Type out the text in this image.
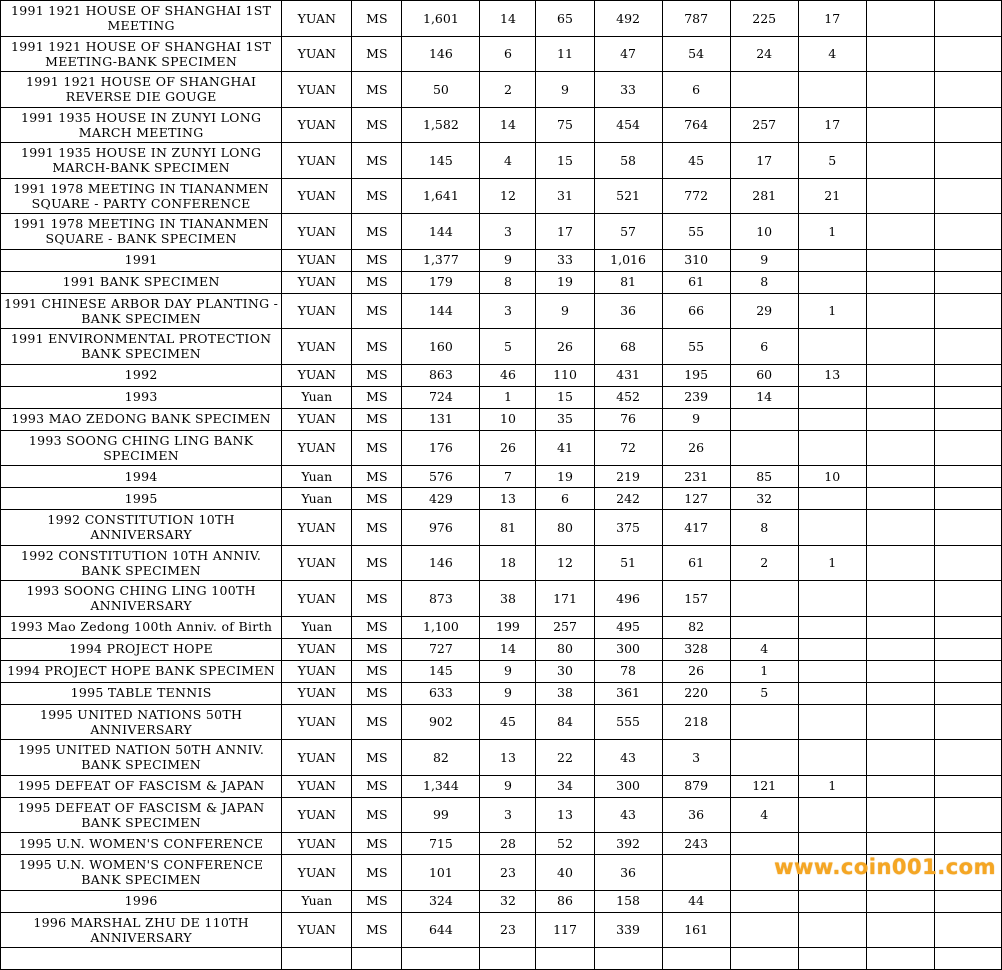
1991 1921 HOUSE OF SHANGHAI 1ST MEETING	YUAN	MS	1,601	14	65	492	787	225	17		
1991 1921 HOUSE OF SHANGHAI 1ST MEETING-BANK SPECIMEN	YUAN	MS	146	6	11	47	54	24	4		
1991 1921 HOUSE OF SHANGHAI REVERSE DIE GOUGE	YUAN	MS	50	2	9	33	6				
1991 1935 HOUSE IN ZUNYI LONG MARCH MEETING	YUAN	MS	1,582	14	75	454	764	257	17		
1991 1935 HOUSE IN ZUNYI LONG MARCH-BANK SPECIMEN	YUAN	MS	145	4	15	58	45	17	5		
1991 1978 MEETING IN TIANANMEN SQUARE - PARTY CONFERENCE	YUAN	MS	1,641	12	31	521	772	281	21		
1991 1978 MEETING IN TIANANMEN SQUARE - BANK SPECIMEN	YUAN	MS	144	3	17	57	55	10	1		
1991	YUAN	MS	1,377	9	33	1,016	310	9			
1991 BANK SPECIMEN	YUAN	MS	179	8	19	81	61	8			
1991 CHINESE ARBOR DAY PLANTING - BANK SPECIMEN	YUAN	MS	144	3	9	36	66	29	1		
1991 ENVIRONMENTAL PROTECTION BANK SPECIMEN	YUAN	MS	160	5	26	68	55	6			
1992	YUAN	MS	863	46	110	431	195	60	13		
1993	Yuan	MS	724	1	15	452	239	14			
1993 MAO ZEDONG BANK SPECIMEN	YUAN	MS	131	10	35	76	9				
1993 SOONG CHING LING BANK SPECIMEN	YUAN	MS	176	26	41	72	26				
1994	Yuan	MS	576	7	19	219	231	85	10		
1995	Yuan	MS	429	13	6	242	127	32			
1992 CONSTITUTION 10TH ANNIVERSARY	YUAN	MS	976	81	80	375	417	8			
1992 CONSTITUTION 10TH ANNIV. BANK SPECIMEN	YUAN	MS	146	18	12	51	61	2	1		
1993 SOONG CHING LING 100TH ANNIVERSARY	YUAN	MS	873	38	171	496	157				
1993 Mao Zedong 100th Anniv. of Birth	Yuan	MS	1,100	199	257	495	82				
1994 PROJECT HOPE	YUAN	MS	727	14	80	300	328	4			
1994 PROJECT HOPE BANK SPECIMEN	YUAN	MS	145	9	30	78	26	1			
1995 TABLE TENNIS	YUAN	MS	633	9	38	361	220	5			
1995 UNITED NATIONS 50TH ANNIVERSARY	YUAN	MS	902	45	84	555	218				
1995 UNITED NATION 50TH ANNIV. BANK SPECIMEN	YUAN	MS	82	13	22	43	3				
1995 DEFEAT OF FASCISM & JAPAN	YUAN	MS	1,344	9	34	300	879	121	1		
1995 DEFEAT OF FASCISM & JAPAN BANK SPECIMEN	YUAN	MS	99	3	13	43	36	4			
1995 U.N. WOMEN'S CONFERENCE	YUAN	MS	715	28	52	392	243				
1995 U.N. WOMEN'S CONFERENCE BANK SPECIMEN	YUAN	MS	101	23	40	36					
1996	Yuan	MS	324	32	86	158	44				
1996 MARSHAL ZHU DE 110TH ANNIVERSARY	YUAN	MS	644	23	117	339	161				

www.coin001.com
